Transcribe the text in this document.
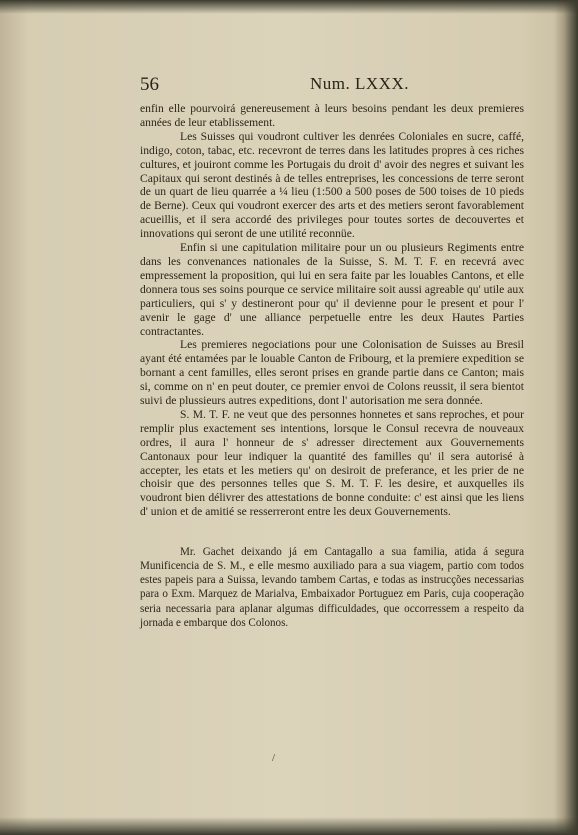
56	Num. LXXX.

enfin elle pourvoirá genereusement à leurs besoins pendant les deux premieres années de leur etablissement.

Les Suisses qui voudront cultiver les denrées Coloniales en sucre, caffé, indigo, coton, tabac, etc. recevront de terres dans les latitudes propres à ces riches cultures, et jouiront comme les Portugais du droit d' avoir des negres et suivant les Capitaux qui seront destinés à de telles entreprises, les concessions de terre seront de un quart de lieu quarrée a ¼ lieu (1:500 a 500 poses de 500 toises de 10 pieds de Berne). Ceux qui voudront exercer des arts et des metiers seront favorablement acueillis, et il sera accordé des privileges pour toutes sortes de decouvertes et innovations qui seront de une utilité reconnüe.

Enfin si une capitulation militaire pour un ou plusieurs Regiments entre dans les convenances nationales de la Suisse, S. M. T. F. en recevrá avec empressement la proposition, qui lui en sera faite par les louables Cantons, et elle donnera tous ses soins pourque ce service militaire soit aussi agreable qu' utile aux particuliers, qui s' y destineront pour qu' il devienne pour le present et pour l' avenir le gage d' une alliance perpetuelle entre les deux Hautes Parties contractantes.

Les premieres negociations pour une Colonisation de Suisses au Bresil ayant été entamées par le louable Canton de Fribourg, et la premiere expedition se bornant a cent familles, elles seront prises en grande partie dans ce Canton; mais si, comme on n' en peut douter, ce premier envoi de Colons reussit, il sera bientot suivi de plussieurs autres expeditions, dont l' autorisation me sera donnée.

S. M. T. F. ne veut que des personnes honnetes et sans reproches, et pour remplir plus exactement ses intentions, lorsque le Consul recevra de nouveaux ordres, il aura l' honneur de s' adresser directement aux Gouvernements Cantonaux pour leur indiquer la quantité des familles qu' il sera autorisé à accepter, les etats et les metiers qu' on desiroit de preferance, et les prier de ne choisir que des personnes telles que S. M. T. F. les desire, et auxquelles ils voudront bien délivrer des attestations de bonne conduite: c' est ainsi que les liens d' union et de amitié se resserreront entre les deux Gouvernements.

Mr. Gachet deixando já em Cantagallo a sua familia, atida á segura Munificencia de S. M., e elle mesmo auxiliado para a sua viagem, partio com todos estes papeis para a Suissa, levando tambem Cartas, e todas as instrucções necessarias para o Exm. Marquez de Marialva, Embaixador Portuguez em Paris, cuja cooperação seria necessaria para aplanar algumas difficuldades, que occorressem a respeito da jornada e embarque dos Colonos.

/
